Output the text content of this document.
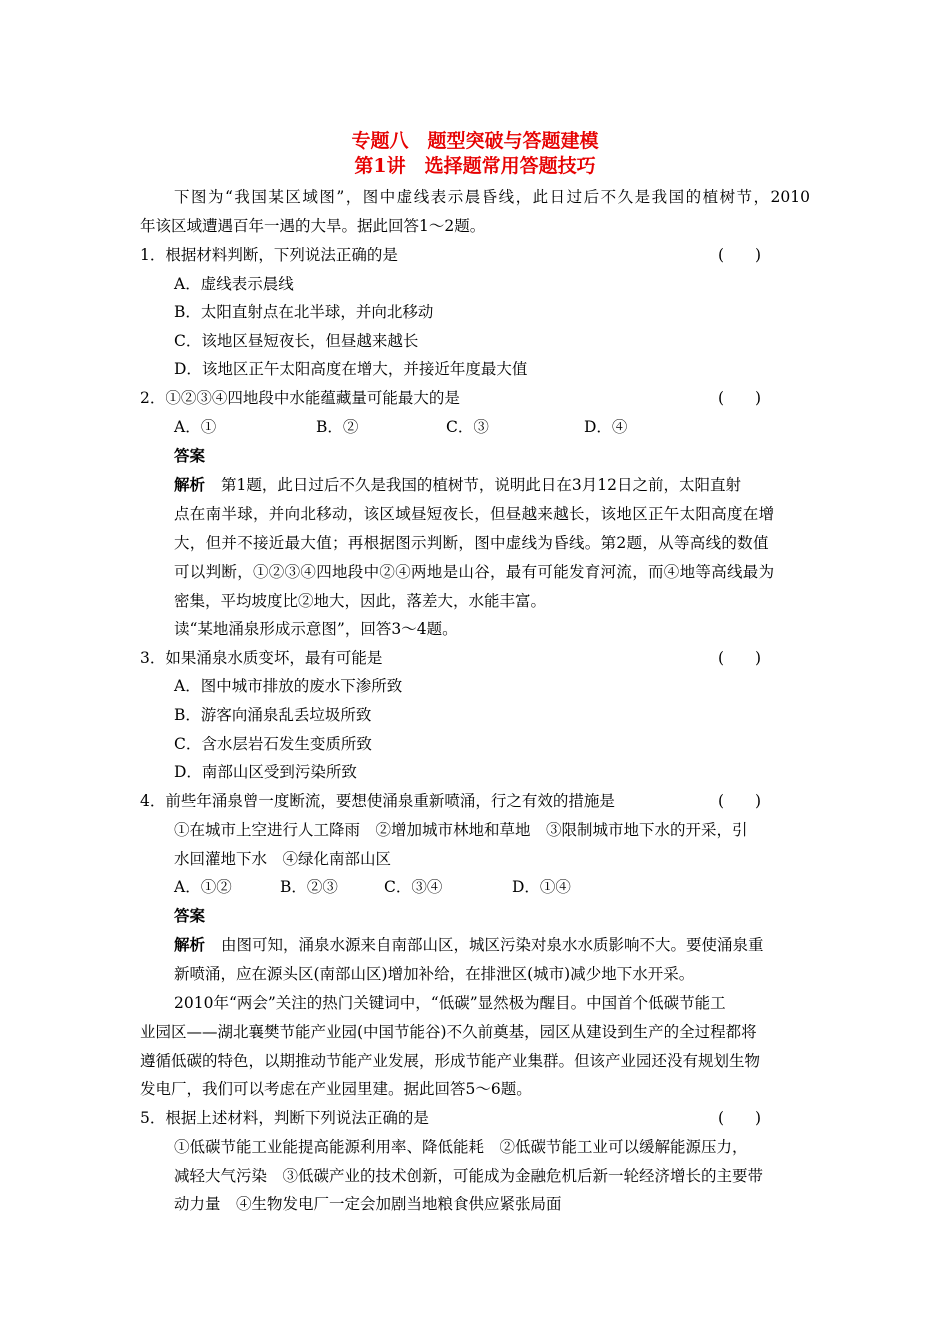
专题八　题型突破与答题建模
第1讲　选择题常用答题技巧
下图为“我国某区域图”，图中虚线表示晨昏线，此日过后不久是我国的植树节，2010
年该区域遭遇百年一遇的大旱。据此回答1～2题。
1．根据材料判断，下列说法正确的是	(　　)
A．虚线表示晨线
B．太阳直射点在北半球，并向北移动
C．该地区昼短夜长，但昼越来越长
D．该地区正午太阳高度在增大，并接近年度最大值
2．①②③④四地段中水能蕴藏量可能最大的是	(　　)
A．①	B．②	C．③	D．④
答案
解析 第1题，此日过后不久是我国的植树节，说明此日在3月12日之前，太阳直射
点在南半球，并向北移动，该区域昼短夜长，但昼越来越长，该地区正午太阳高度在增
大，但并不接近最大值；再根据图示判断，图中虚线为昏线。第2题，从等高线的数值
可以判断，①②③④四地段中②④两地是山谷，最有可能发育河流，而④地等高线最为
密集，平均坡度比②地大，因此，落差大，水能丰富。
读“某地涌泉形成示意图”，回答3～4题。
3．如果涌泉水质变坏，最有可能是	(　　)
A．图中城市排放的废水下渗所致
B．游客向涌泉乱丢垃圾所致
C．含水层岩石发生变质所致
D．南部山区受到污染所致
4．前些年涌泉曾一度断流，要想使涌泉重新喷涌，行之有效的措施是	(　　)
①在城市上空进行人工降雨　②增加城市林地和草地　③限制城市地下水的开采，引
水回灌地下水　④绿化南部山区
A．①②	B．②③	C．③④	D．①④
答案
解析 由图可知，涌泉水源来自南部山区，城区污染对泉水水质影响不大。要使涌泉重
新喷涌，应在源头区(南部山区)增加补给，在排泄区(城市)减少地下水开采。
2010年“两会”关注的热门关键词中，“低碳”显然极为醒目。中国首个低碳节能工
业园区——湖北襄樊节能产业园(中国节能谷)不久前奠基，园区从建设到生产的全过程都将
遵循低碳的特色，以期推动节能产业发展，形成节能产业集群。但该产业园还没有规划生物
发电厂，我们可以考虑在产业园里建。据此回答5～6题。
5．根据上述材料，判断下列说法正确的是	(　　)
①低碳节能工业能提高能源利用率、降低能耗　②低碳节能工业可以缓解能源压力，
减轻大气污染　③低碳产业的技术创新，可能成为金融危机后新一轮经济增长的主要带
动力量　④生物发电厂一定会加剧当地粮食供应紧张局面
